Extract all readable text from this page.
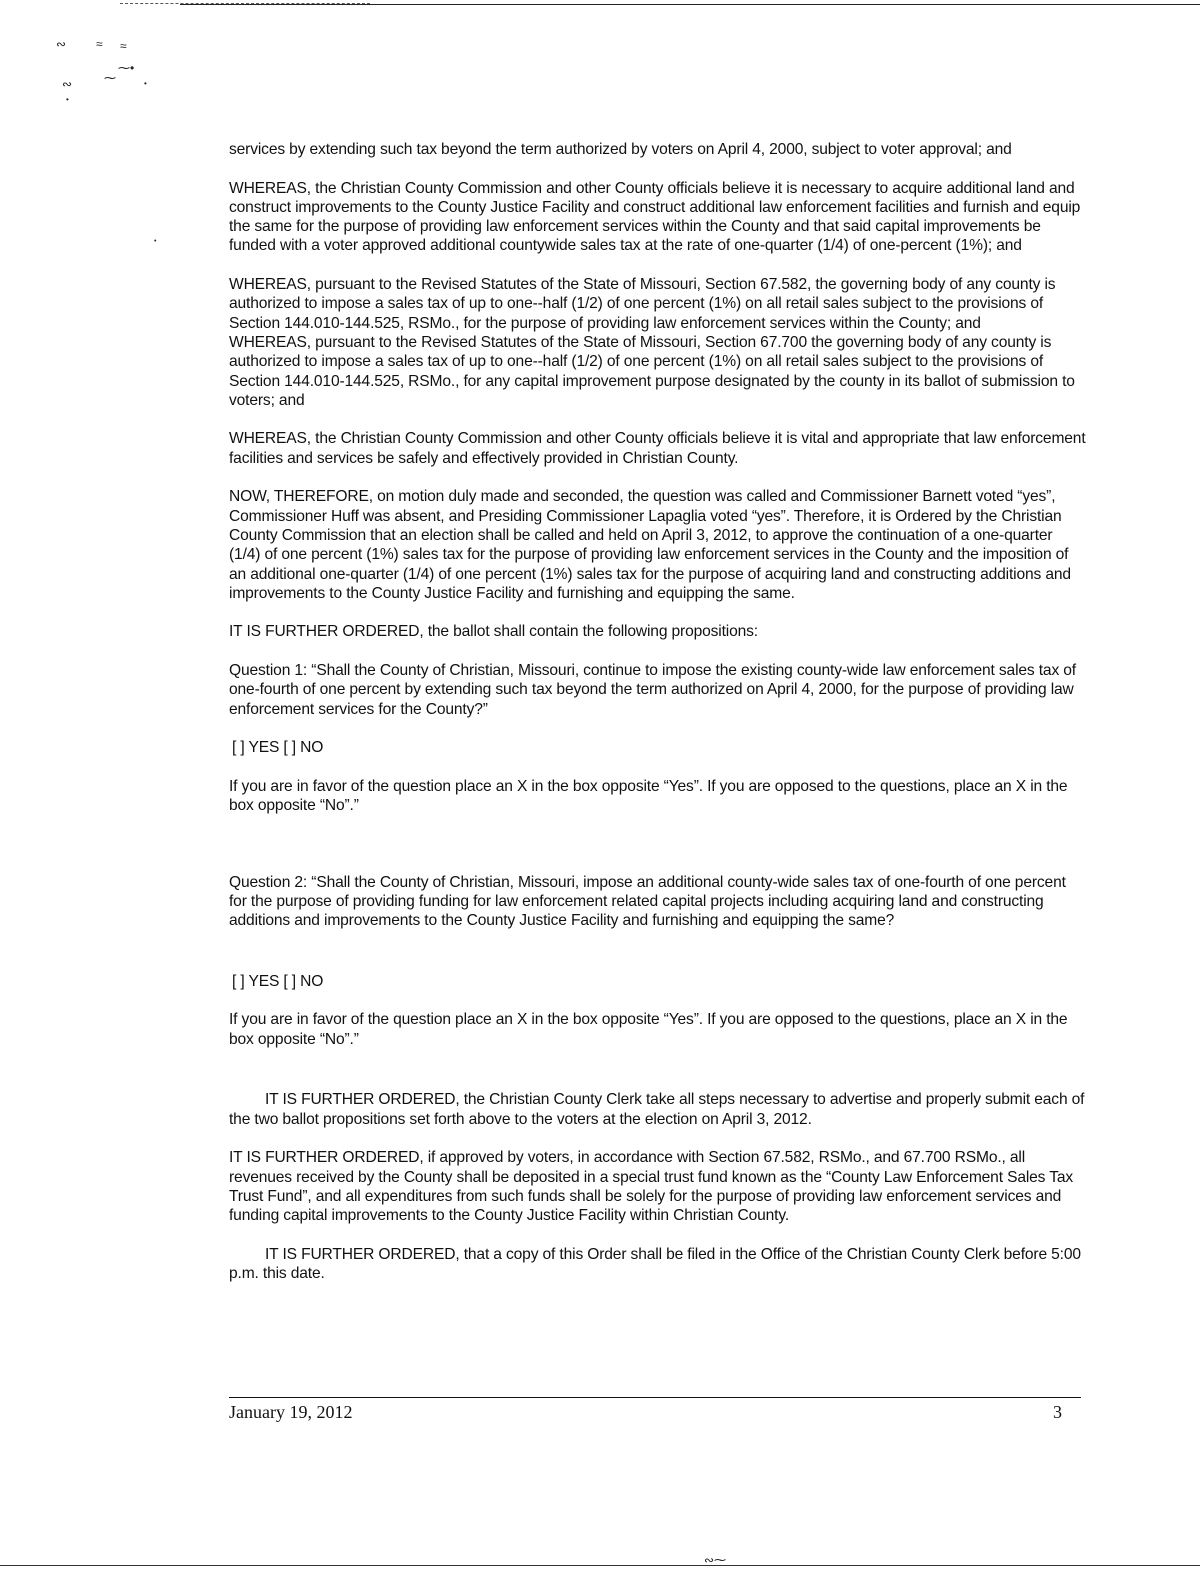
∾ ≈ ≈
⁓•
∾	⁓	•
•
•

services by extending such tax beyond the term authorized by voters on April 4, 2000, subject to voter approval; and

WHEREAS, the Christian County Commission and other County officials believe it is necessary to acquire additional land and construct improvements to the County Justice Facility and construct additional law enforcement facilities and furnish and equip the same for the purpose of providing law enforcement services within the County and that said capital improvements be funded with a voter approved additional countywide sales tax at the rate of one-quarter (1/4) of one-percent (1%); and

WHEREAS, pursuant to the Revised Statutes of the State of Missouri, Section 67.582, the governing body of any county is authorized to impose a sales tax of up to one--half (1/2) of one percent (1%) on all retail sales subject to the provisions of Section 144.010-144.525, RSMo., for the purpose of providing law enforcement services within the County; and

WHEREAS, pursuant to the Revised Statutes of the State of Missouri, Section 67.700 the governing body of any county is authorized to impose a sales tax of up to one--half (1/2) of one percent (1%) on all retail sales subject to the provisions of Section 144.010-144.525, RSMo., for any capital improvement purpose designated by the county in its ballot of submission to voters; and

WHEREAS, the Christian County Commission and other County officials believe it is vital and appropriate that law enforcement facilities and services be safely and effectively provided in Christian County.

NOW, THEREFORE, on motion duly made and seconded, the question was called and Commissioner Barnett voted “yes”, Commissioner Huff was absent, and Presiding Commissioner Lapaglia voted “yes”. Therefore, it is Ordered by the Christian County Commission that an election shall be called and held on April 3, 2012, to approve the continuation of a one-quarter (1/4) of one percent (1%) sales tax for the purpose of providing law enforcement services in the County and the imposition of an additional one-quarter (1/4) of one percent (1%) sales tax for the purpose of acquiring land and constructing additions and improvements to the County Justice Facility and furnishing and equipping the same.

IT IS FURTHER ORDERED, the ballot shall contain the following propositions:

Question 1: “Shall the County of Christian, Missouri, continue to impose the existing county-wide law enforcement sales tax of one-fourth of one percent by extending such tax beyond the term authorized on April 4, 2000, for the purpose of providing law enforcement services for the County?”

[ ] YES [ ] NO

If you are in favor of the question place an X in the box opposite “Yes”. If you are opposed to the questions, place an X in the box opposite “No”.”

Question 2: “Shall the County of Christian, Missouri, impose an additional county-wide sales tax of one-fourth of one percent for the purpose of providing funding for law enforcement related capital projects including acquiring land and constructing additions and improvements to the County Justice Facility and furnishing and equipping the same?

[ ] YES [ ] NO

If you are in favor of the question place an X in the box opposite “Yes”. If you are opposed to the questions, place an X in the box opposite “No”.”

IT IS FURTHER ORDERED, the Christian County Clerk take all steps necessary to advertise and properly submit each of the two ballot propositions set forth above to the voters at the election on April 3, 2012.

IT IS FURTHER ORDERED, if approved by voters, in accordance with Section 67.582, RSMo., and 67.700 RSMo., all revenues received by the County shall be deposited in a special trust fund known as the “County Law Enforcement Sales Tax Trust Fund”, and all expenditures from such funds shall be solely for the purpose of providing law enforcement services and funding capital improvements to the County Justice Facility within Christian County.

IT IS FURTHER ORDERED, that a copy of this Order shall be filed in the Office of the Christian County Clerk before 5:00 p.m. this date.

January 19, 2012	3
∾⁓
